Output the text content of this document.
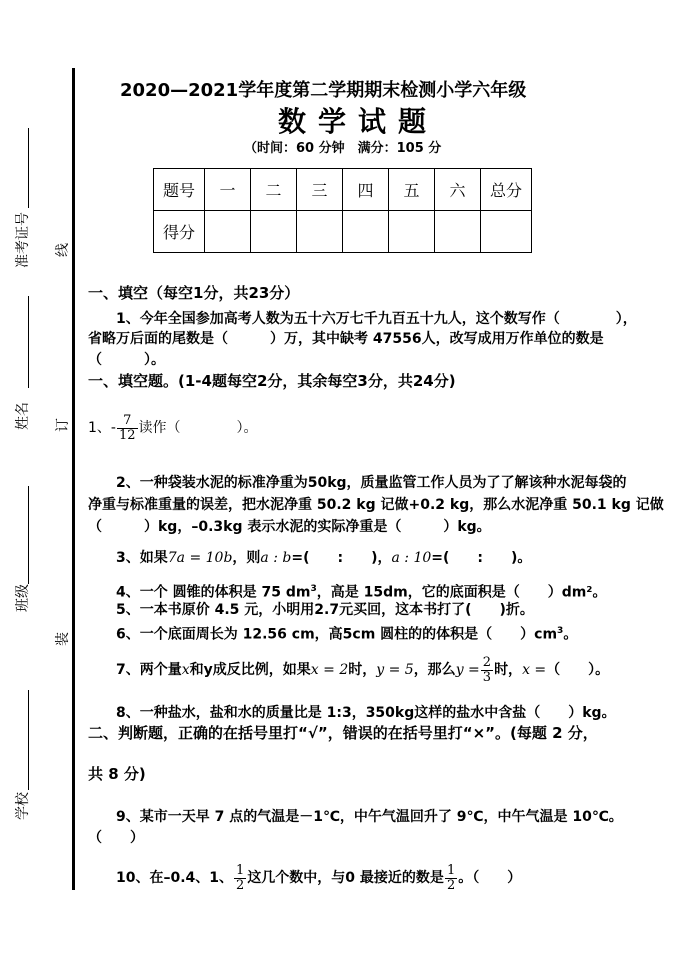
准考证号
姓名
班级
学校
线
订
装
2020—2021学年度第二学期期末检测小学六年级
数学试题
（时间：60 分钟　满分：105 分
题号	一	二	三	四	五	六	总分
得分							
一、填空（每空1分，共23分）
1、今年全国参加高考人数为五十六万七千九百五十九人，这个数写作（　　　　），
省略万后面的尾数是（　　　）万，其中缺考 47556人，改写成用万作单位的数是
（　　　）。
一、填空题。(1-4题每空2分，其余每空3分，共24分)
1、- $\frac{7}{12}$ 读作（　　　　）。
2、一种袋装水泥的标准净重为50kg，质量监管工作人员为了了解该种水泥每袋的
净重与标准重量的误差，把水泥净重 50.2 kg 记做+0.2 kg，那么水泥净重 50.1 kg 记做
（　　　）kg，–0.3kg 表示水泥的实际净重是（　　　）kg。
3、如果7a = 10b，则a : b=(　　:　　)，a : 10=(　　:　　)。
4、一个 圆锥的体积是 75 $dm^3$，高是 15dm，它的底面积是（　　）dm²。
5、一本书原价 4.5 元，小明用2.7元买回，这本书打了(　　)折。
6、一个底面周长为 12.56 cm，高5cm 圆柱的的体积是（　　）$cm^3$。
7、两个量x和y成反比例，如果x = 2时，y = 5，那么$y = \frac{2}{3}$ 时，x =（　　）。
8、一种盐水，盐和水的质量比是 1:3，350kg这样的盐水中含盐（　　）kg。
二、判断题，正确的在括号里打“√”，错误的在括号里打“×”。(每题 2 分，
共 8 分)
9、某市一天早 7 点的气温是－1℃，中午气温回升了 9℃，中午气温是 10℃。
（　　）
10、在–0.4、1、 $\frac{1}{2}$ 这几个数中，与0 最接近的数是 $\frac{1}{2}$ 。（　　）
